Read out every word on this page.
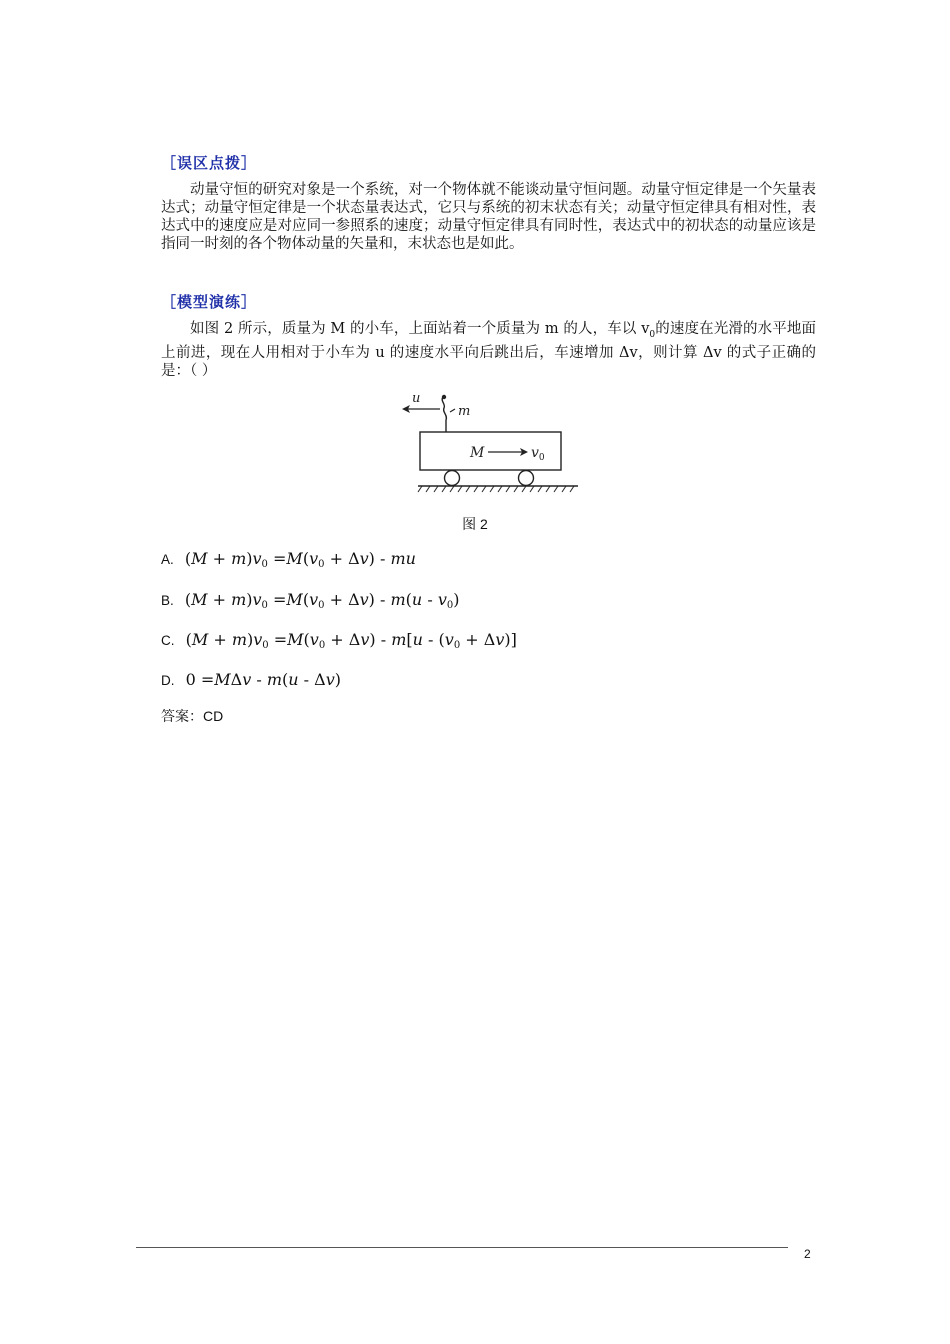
［误区点拨］
动量守恒的研究对象是一个系统，对一个物体就不能谈动量守恒问题。动量守恒定律是一个矢量表达式；动量守恒定律是一个状态量表达式，它只与系统的初末状态有关；动量守恒定律具有相对性，表达式中的速度应是对应同一参照系的速度；动量守恒定律具有同时性，表达式中的初状态的动量应该是指同一时刻的各个物体动量的矢量和，末状态也是如此。
［模型演练］
如图 2 所示，质量为 M 的小车，上面站着一个质量为 m 的人，车以 $v_0$的速度在光滑的水平地面上前进，现在人用相对于小车为 u 的速度水平向后跳出后，车速增加 Δv，则计算 Δv 的式子正确的是：（ ）
u
m
M	$v_0$
图 2
A. $(M + m)v_0 =M(v_0 + \Delta v)$ - mu
B. $(M + m)v_0 =M(v_0 + \Delta v) - m(u - v_0)$
C. $(M + m)v_0 =M(v_0 + \Delta v) - m[u - (v_0 + \Delta v)]$
D. 0 =MΔv - m(u - Δv)
答案：CD
2
